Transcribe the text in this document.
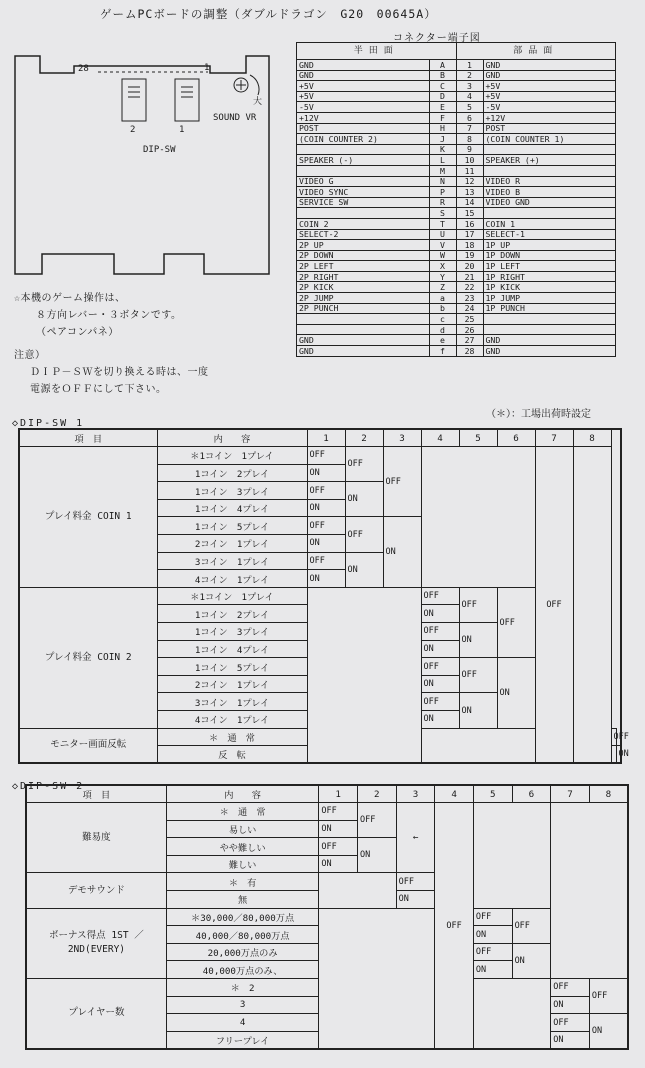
ゲームPCボードの調整（ダブルドラゴン　G20　00645A）
28	1
2	1
DIP-SW
大
SOUND VR
コネクター端子図
半田面		部品面	
GND	A	1	GND
GND	B	2	GND
+5V	C	3	+5V
+5V	D	4	+5V
-5V	E	5	-5V
+12V	F	6	+12V
POST	H	7	POST
(COIN COUNTER 2)	J	8	(COIN COUNTER 1)
	K	9	
SPEAKER (-)	L	10	SPEAKER (+)
	M	11	
VIDEO G	N	12	VIDEO R
VIDEO SYNC	P	13	VIDEO B
SERVICE SW	R	14	VIDEO GND
	S	15	
COIN 2	T	16	COIN 1
SELECT-2	U	17	SELECT-1
2P UP	V	18	1P UP
2P DOWN	W	19	1P DOWN
2P LEFT	X	20	1P LEFT
2P RIGHT	Y	21	1P RIGHT
2P KICK	Z	22	1P KICK
2P JUMP	a	23	1P JUMP
2P PUNCH	b	24	1P PUNCH
	c	25	
	d	26	
GND	e	27	GND
GND	f	28	GND
☆本機のゲーム操作は、
８方向レバー・３ボタンです。
（ペアコンパネ）
注意）
ＤＩＰ－ＳＷを切り換える時は、一度
電源をＯＦＦにして下さい。
◇DIP-SW 1
（＊）：工場出荷時設定
項　目	内　　容	1	2	3	4	5	6	7	8		
プレイ料金 COIN 1	＊1コイン　1プレイ	OFF	OFF	OFF				OFF			
	1コイン　2プレイ	ON									
	1コイン　3プレイ	OFF	ON								
	1コイン　4プレイ	ON									
	1コイン　5プレイ	OFF	OFF	ON							
	2コイン　1プレイ	ON									
	3コイン　1プレイ	OFF	ON								
	4コイン　1プレイ	ON									
プレイ料金 COIN 2	＊1コイン　1プレイ				OFF	OFF	OFF				
	1コイン　2プレイ				ON						
	1コイン　3プレイ				OFF	ON					
	1コイン　4プレイ				ON						
	1コイン　5プレイ				OFF	OFF	ON				
	2コイン　1プレイ				ON						
	3コイン　1プレイ				OFF	ON					
	4コイン　1プレイ				ON						
モニター画面反転	＊　通　常									OFF	
	反　転										ON
◇DIP-SW 2
項　目	内　　容	1	2	3	4	5	6	7	8
難易度	＊　通　常	OFF	OFF	←	OFF				
	易しい	ON							
	やや難しい	OFF	ON						
	難しい	ON							
デモサウンド	＊　有			OFF					
	無			ON					
ボーナス得点 1ST ／2ND(EVERY)	＊30,000／80,000万点					OFF	OFF		
	40,000／80,000万点					ON			
	20,000万点のみ					OFF	ON		
	40,000万点のみ、					ON			
プレイヤー数	＊　2							OFF	OFF
	3							ON	
	4							OFF	ON
	フリープレイ							ON	
